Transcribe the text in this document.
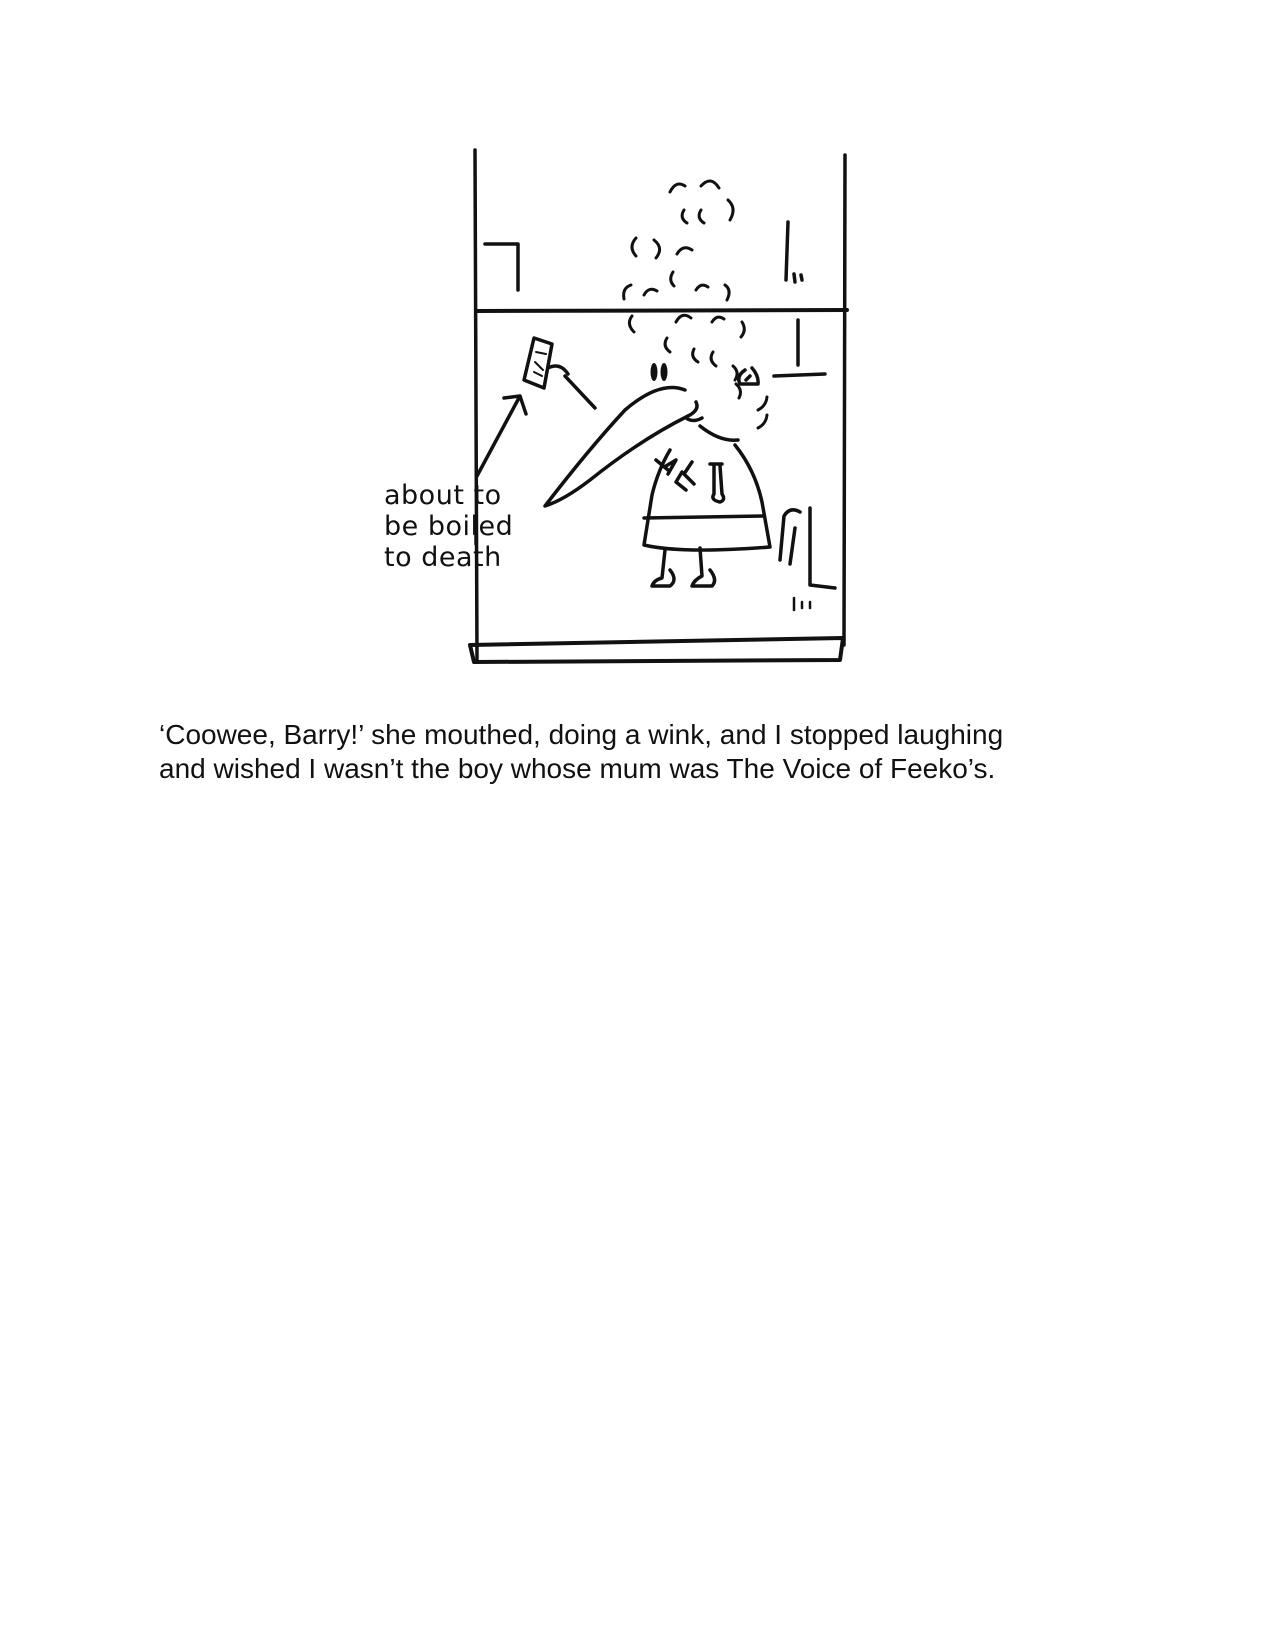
about to
be boiled
to death

‘Coowee, Barry!’ she mouthed, doing a wink, and I stopped laughing
and wished I wasn’t the boy whose mum was The Voice of Feeko’s.
